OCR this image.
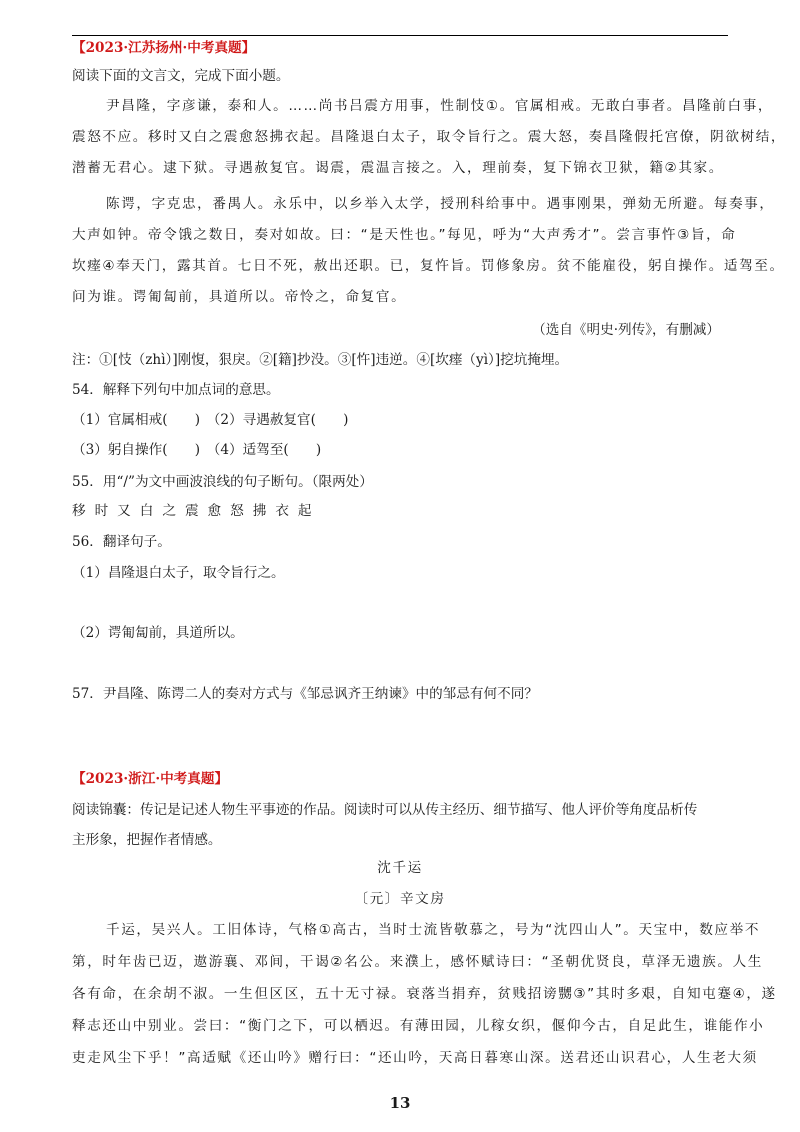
【2023·江苏扬州·中考真题】
阅读下面的文言文，完成下面小题。
尹昌隆，字彦谦，泰和人。……尚书吕震方用事，性制忮①。官属相戒。无敢白事者。昌隆前白事，
震怒不应。移时又白之震愈怒拂衣起。昌隆退白太子，取令旨行之。震大怒，奏昌隆假托宫僚，阴欲树结，
潜蓄无君心。逮下狱。寻遇赦复官。谒震，震温言接之。入，理前奏，复下锦衣卫狱，籍②其家。
陈谔，字克忠，番禺人。永乐中，以乡举入太学，授刑科给事中。遇事刚果，弹劾无所避。每奏事，
大声如钟。帝令饿之数日，奏对如故。曰：“是天性也。”每见，呼为“大声秀才”。尝言事忤③旨，命
坎瘗④奉天门，露其首。七日不死，赦出还职。已，复忤旨。罚修象房。贫不能雇役，躬自操作。适驾至。
问为谁。谔匍匐前，具道所以。帝怜之，命复官。
（选自《明史·列传》，有删减）
注：①[忮（zhì）]刚愎，狠戾。②[籍]抄没。③[忤]违逆。④[坎瘗（yì）]挖坑掩埋。
54．解释下列句中加点词的意思。
（1）官属相戒(　　)　（2）寻遇赦复官(　　)
（3）躬自操作(　　)　（4）适驾至(　　)
55．用“/”为文中画波浪线的句子断句。（限两处）
移时又白之震愈怒拂衣起
56．翻译句子。
（1）昌隆退白太子，取令旨行之。
（2）谔匍匐前，具道所以。
57．尹昌隆、陈谔二人的奏对方式与《邹忌讽齐王纳谏》中的邹忌有何不同？
【2023·浙江·中考真题】
阅读锦囊：传记是记述人物生平事迹的作品。阅读时可以从传主经历、细节描写、他人评价等角度品析传
主形象，把握作者情感。
沈千运
〔元〕辛文房
千运，吴兴人。工旧体诗，气格①高古，当时士流皆敬慕之，号为“沈四山人”。天宝中，数应举不
第，时年齿已迈，遨游襄、邓间，干谒②名公。来濮上，感怀赋诗曰：“圣朝优贤良，草泽无遗族。人生
各有命，在余胡不淑。一生但区区，五十无寸禄。衰落当捐弃，贫贱招谤嬲③”其时多艰，自知屯蹇④，遂
释志还山中别业。尝曰：“衡门之下，可以栖迟。有薄田园，儿稼女织，偃仰今古，自足此生，谁能作小
吏走风尘下乎！”高适赋《还山吟》赠行曰：“还山吟，天高日暮寒山深。送君还山识君心，人生老大须
13
